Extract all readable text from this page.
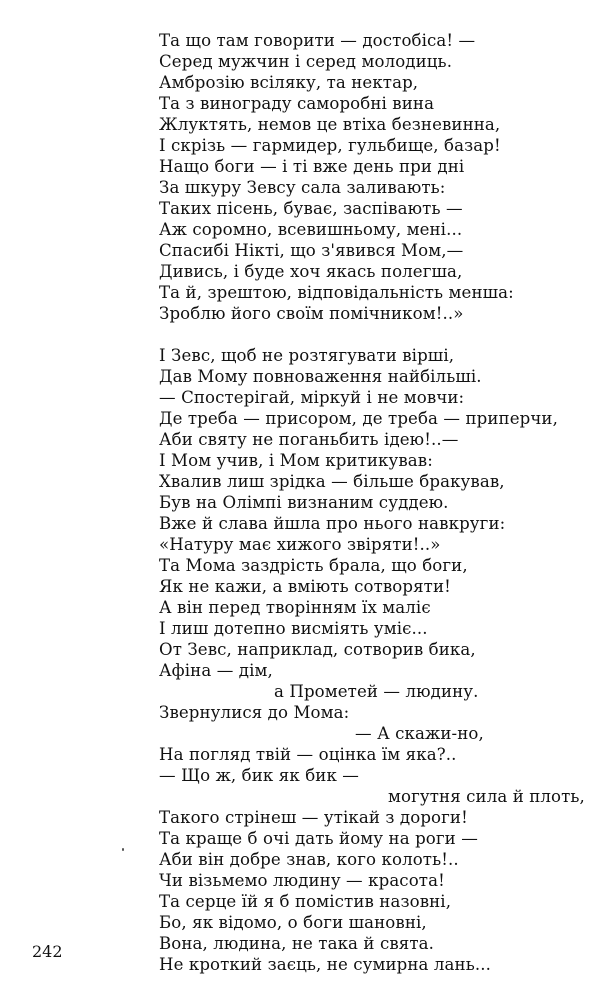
Та що там говорити — достобіса! —
Серед мужчин і серед молодиць.
Амброзію всіляку, та нектар,
Та з винограду саморобні вина
Жлуктять, немов це втіха безневинна,
І скрізь — гармидер, гульбище, базар!
Нащо боги — і ті вже день при дні
За шкуру Зевсу сала заливають:
Таких пісень, буває, заспівають —
Аж соромно, всевишньому, мені...
Спасибі Нікті, що з'явився Мом,—
Дивись, і буде хоч якась полегша,
Та й, зрештою, відповідальність менша:
Зроблю його своїм помічником!..»
І Зевс, щоб не розтягувати вірші,
Дав Мому повноваження найбільші.
— Спостерігай, міркуй і не мовчи:
Де треба — присором, де треба — приперчи,
Аби святу не поганьбить ідею!..—
І Мом учив, і Мом критикував:
Хвалив лиш зрідка — більше бракував,
Був на Олімпі визнаним суддею.
Вже й слава йшла про нього навкруги:
«Натуру має хижого звіряти!..»
Та Мома заздрість брала, що боги,
Як не кажи, а вміють сотворяти!
А він перед творінням їх маліє
І лиш дотепно висміять уміє...
От Зевс, наприклад, сотворив бика,
Афіна — дім,
а Прометей — людину.
Звернулися до Мома:
— А скажи-но,
На погляд твій — оцінка їм яка?..
— Що ж, бик як бик —
могутня сила й плоть,
Такого стрінеш — утікай з дороги!
Та краще б очі дать йому на роги —
Аби він добре знав, кого колоть!..
Чи візьмемо людину — красота!
Та серце їй я б помістив назовні,
Бо, як відомо, о боги шановні,
Вона, людина, не така й свята.
Не кроткий заєць, не сумирна лань...
242
